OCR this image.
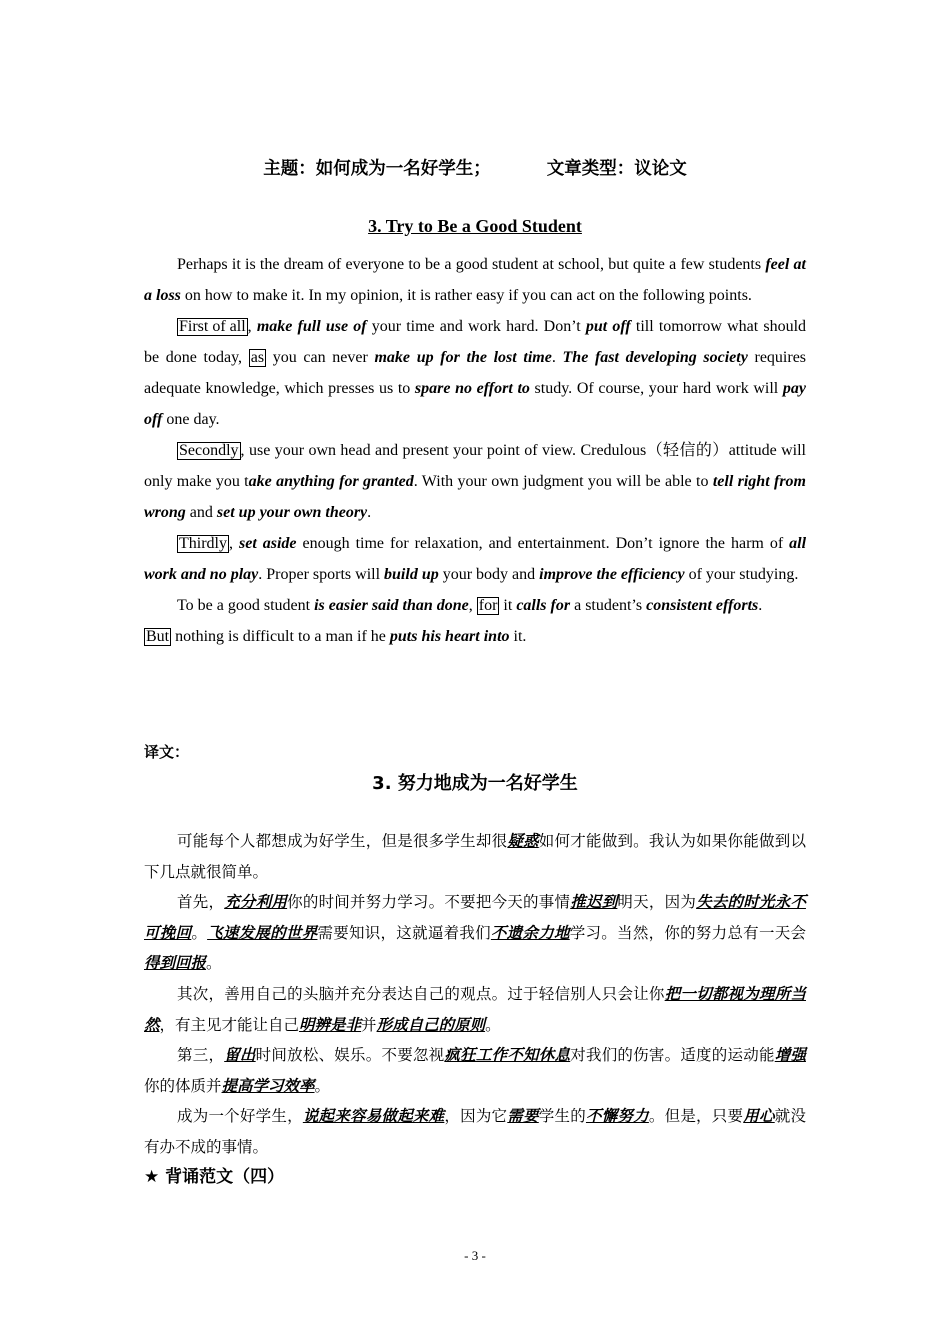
主题：如何成为一名好学生；	文章类型：议论文
3. Try to Be a Good Student

Perhaps it is the dream of everyone to be a good student at school, but quite a few students feel at a loss on how to make it. In my opinion, it is rather easy if you can act on the following points.

First of all , make full use of your time and work hard. Don’t put off till tomorrow what should be done today, as you can never make up for the lost time. The fast developing society requires adequate knowledge, which presses us to spare no effort to study. Of course, your hard work will pay off one day.

Secondly , use your own head and present your point of view. Credulous（轻信的）attitude will only make you take anything for granted. With your own judgment you will be able to tell right from wrong and set up your own theory.

Thirdly , set aside enough time for relaxation, and entertainment. Don’t ignore the harm of all work and no play. Proper sports will build up your body and improve the efficiency of your studying.

To be a good student is easier said than done, for it calls for a student’s consistent efforts.

But nothing is difficult to a man if he puts his heart into it.

译文：
3. 努力地成为一名好学生

可能每个人都想成为好学生，但是很多学生却很疑惑如何才能做到。我认为如果你能做到以下几点就很简单。

首先，充分利用你的时间并努力学习。不要把今天的事情推迟到明天，因为失去的时光永不可挽回。飞速发展的世界需要知识，这就逼着我们不遗余力地学习。当然，你的努力总有一天会得到回报。

其次，善用自己的头脑并充分表达自己的观点。过于轻信别人只会让你把一切都视为理所当然，有主见才能让自己明辨是非并形成自己的原则。

第三，留出时间放松、娱乐。不要忽视疯狂工作不知休息对我们的伤害。适度的运动能增强你的体质并提高学习效率。

成为一个好学生，说起来容易做起来难，因为它需要学生的不懈努力。但是，只要用心就没有办不成的事情。

★ 背诵范文（四）
- 3 -
